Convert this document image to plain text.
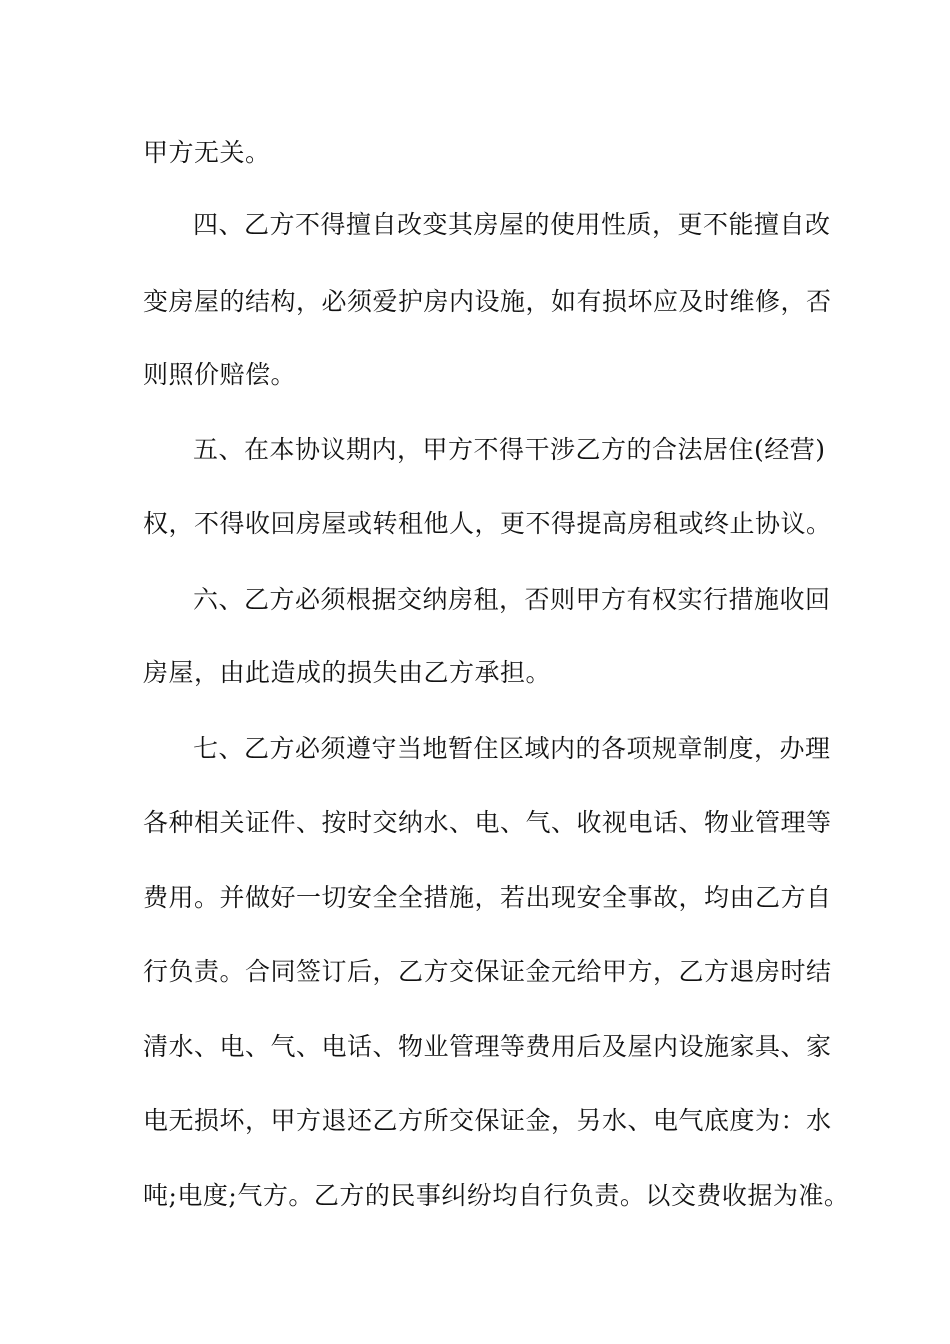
甲方无关。
四、乙方不得擅自改变其房屋的使用性质，更不能擅自改
变房屋的结构，必须爱护房内设施，如有损坏应及时维修，否
则照价赔偿。
五、在本协议期内，甲方不得干涉乙方的合法居住(经营)
权，不得收回房屋或转租他人，更不得提高房租或终止协议。
六、乙方必须根据交纳房租，否则甲方有权实行措施收回
房屋，由此造成的损失由乙方承担。
七、乙方必须遵守当地暂住区域内的各项规章制度，办理
各种相关证件、按时交纳水、电、气、收视电话、物业管理等
费用。并做好一切安全全措施，若出现安全事故，均由乙方自
行负责。合同签订后，乙方交保证金元给甲方，乙方退房时结
清水、电、气、电话、物业管理等费用后及屋内设施家具、家
电无损坏，甲方退还乙方所交保证金，另水、电气底度为：水
吨;电度;气方。乙方的民事纠纷均自行负责。以交费收据为准。
